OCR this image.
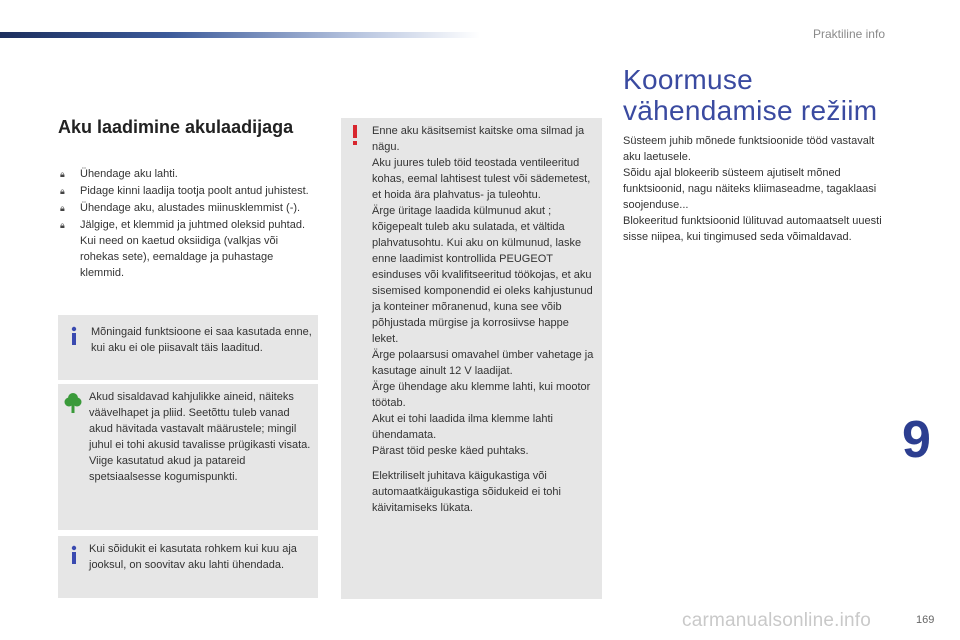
Praktiline info
Aku laadimine akulaadijaga
🔒︎ Ühendage aku lahti.
🔒︎ Pidage kinni laadija tootja poolt antud juhistest.
🔒︎ Ühendage aku, alustades miinusklemmist (-).
🔒︎ Jälgige, et klemmid ja juhtmed oleksid puhtad. Kui need on kaetud oksiidiga (valkjas või rohekas sete), eemaldage ja puhastage klemmid.
Mõningaid funktsioone ei saa kasutada enne, kui aku ei ole piisavalt täis laaditud.
Akud sisaldavad kahjulikke aineid, näiteks väävelhapet ja pliid. Seetõttu tuleb vanad akud hävitada vastavalt määrustele; mingil juhul ei tohi akusid tavalisse prügikasti visata.
Viige kasutatud akud ja patareid spetsiaalsesse kogumispunkti.
Kui sõidukit ei kasutata rohkem kui kuu aja jooksul, on soovitav aku lahti ühendada.

Enne aku käsitsemist kaitske oma silmad ja nägu.

Aku juures tuleb töid teostada ventileeritud kohas, eemal lahtisest tulest või sädemetest, et hoida ära plahvatus- ja tuleohtu.

Ärge üritage laadida külmunud akut ; kõigepealt tuleb aku sulatada, et vältida plahvatusohtu. Kui aku on külmunud, laske enne laadimist kontrollida PEUGEOT esinduses või kvalifitseeritud töökojas, et aku sisemised komponendid ei oleks kahjustunud ja konteiner mõranenud, kuna see võib põhjustada mürgise ja korrosiivse happe leket.

Ärge polaarsusi omavahel ümber vahetage ja kasutage ainult 12 V laadijat.

Ärge ühendage aku klemme lahti, kui mootor töötab.

Akut ei tohi laadida ilma klemme lahti ühendamata.

Pärast töid peske käed puhtaks.

Elektriliselt juhitava käigukastiga või automaatkäigukastiga sõidukeid ei tohi käivitamiseks lükata.

Koormuse
vähendamise režiim
Süsteem juhib mõnede funktsioonide tööd vastavalt aku laetusele.
Sõidu ajal blokeerib süsteem ajutiselt mõned funktsioonid, nagu näiteks kliimaseadme, tagaklaasi soojenduse...
Blokeeritud funktsioonid lülituvad automaatselt uuesti sisse niipea, kui tingimused seda võimaldavad.
9
carmanualsonline.info	169
